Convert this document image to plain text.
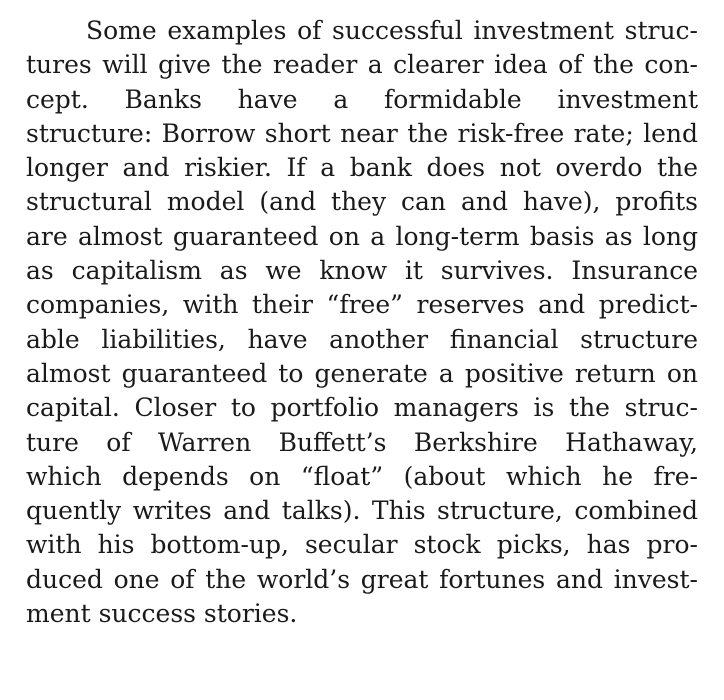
Some examples of successful investment struc-
tures will give the reader a clearer idea of the con-
cept. Banks have a formidable investment
structure: Borrow short near the risk-free rate; lend
longer and riskier. If a bank does not overdo the
structural model (and they can and have), profits
are almost guaranteed on a long-term basis as long
as capitalism as we know it survives. Insurance
companies, with their “free” reserves and predict-
able liabilities, have another financial structure
almost guaranteed to generate a positive return on
capital. Closer to portfolio managers is the struc-
ture of Warren Buffett’s Berkshire Hathaway,
which depends on “float” (about which he fre-
quently writes and talks). This structure, combined
with his bottom-up, secular stock picks, has pro-
duced one of the world’s great fortunes and invest-
ment success stories.
